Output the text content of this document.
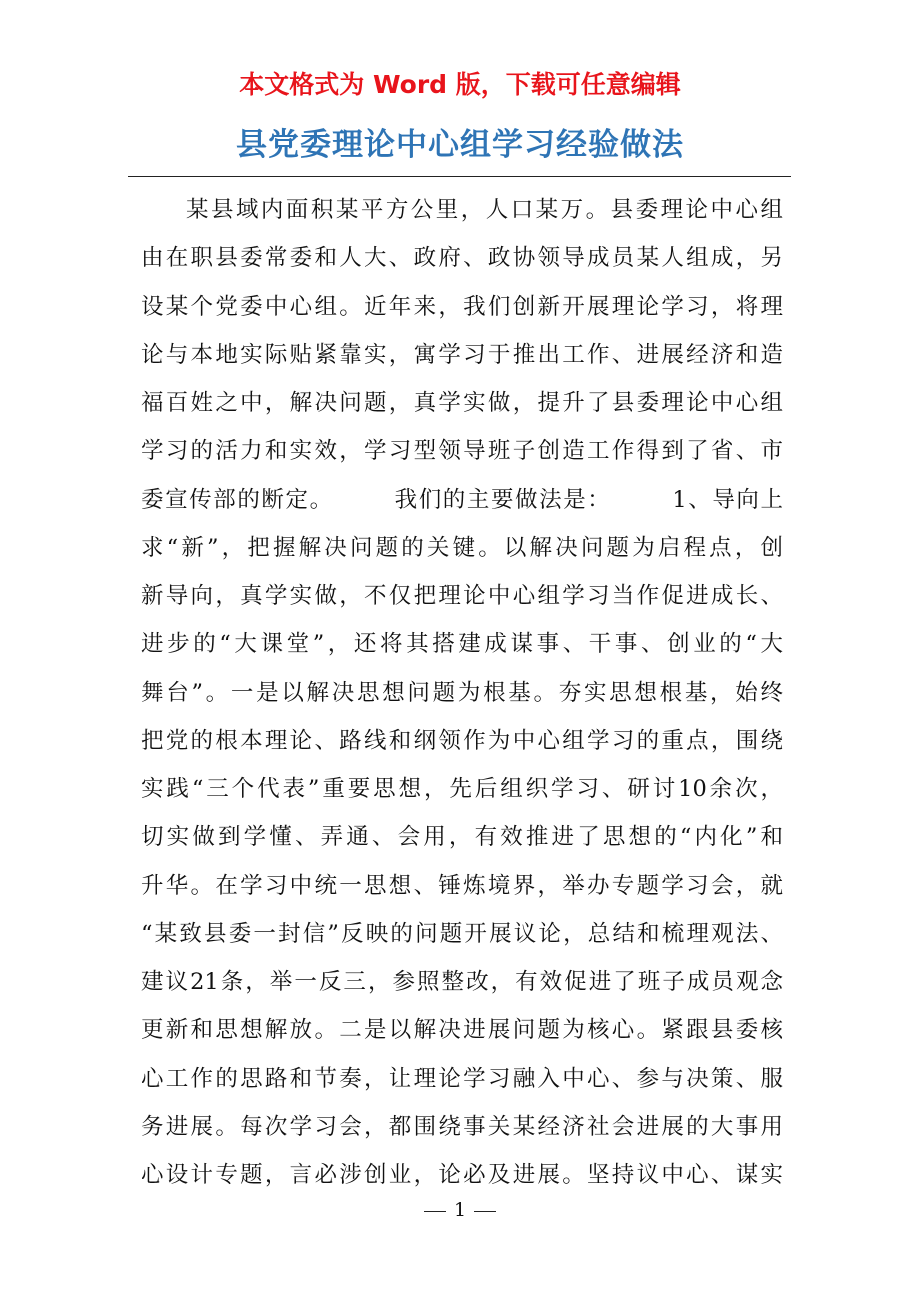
本文格式为 Word 版，下载可任意编辑
县党委理论中心组学习经验做法
某县域内面积某平方公里，人口某万。县委理论中心组
由在职县委常委和人大、政府、政协领导成员某人组成，另
设某个党委中心组。近年来，我们创新开展理论学习，将理
论与本地实际贴紧靠实，寓学习于推出工作、进展经济和造
福百姓之中，解决问题，真学实做，提升了县委理论中心组
学习的活力和实效，学习型领导班子创造工作得到了省、市
委宣传部的断定。　　　我们的主要做法是：　　　1、导向上
求“新”，把握解决问题的关键。以解决问题为启程点，创
新导向，真学实做，不仅把理论中心组学习当作促进成长、
进步的“大课堂”，还将其搭建成谋事、干事、创业的“大
舞台”。一是以解决思想问题为根基。夯实思想根基，始终
把党的根本理论、路线和纲领作为中心组学习的重点，围绕
实践“三个代表”重要思想，先后组织学习、研讨10余次，
切实做到学懂、弄通、会用，有效推进了思想的“内化”和
升华。在学习中统一思想、锤炼境界，举办专题学习会，就
“某致县委一封信”反映的问题开展议论，总结和梳理观法、
建议21条，举一反三，参照整改，有效促进了班子成员观念
更新和思想解放。二是以解决进展问题为核心。紧跟县委核
心工作的思路和节奏，让理论学习融入中心、参与决策、服
务进展。每次学习会，都围绕事关某经济社会进展的大事用
心设计专题，言必涉创业，论必及进展。坚持议中心、谋实
1
